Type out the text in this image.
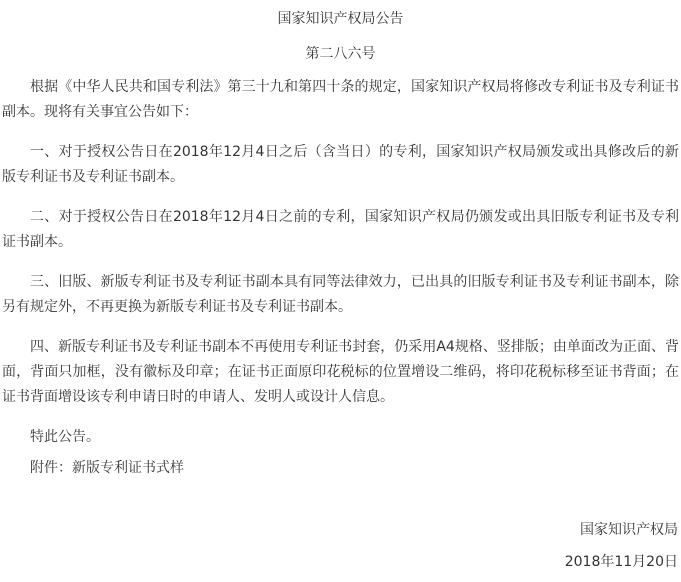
国家知识产权局公告
第二八六号

根据《中华人民共和国专利法》第三十九和第四十条的规定，国家知识产权局将修改专利证书及专利证书副本。现将有关事宜公告如下：

一、对于授权公告日在2018年12月4日之后（含当日）的专利，国家知识产权局颁发或出具修改后的新版专利证书及专利证书副本。

二、对于授权公告日在2018年12月4日之前的专利，国家知识产权局仍颁发或出具旧版专利证书及专利证书副本。

三、旧版、新版专利证书及专利证书副本具有同等法律效力，已出具的旧版专利证书及专利证书副本，除另有规定外，不再更换为新版专利证书及专利证书副本。

四、新版专利证书及专利证书副本不再使用专利证书封套，仍采用A4规格、竖排版；由单面改为正面、背面，背面只加框，没有徽标及印章；在证书正面原印花税标的位置增设二维码，将印花税标移至证书背面；在证书背面增设该专利申请日时的申请人、发明人或设计人信息。

特此公告。

附件：新版专利证书式样

国家知识产权局
2018年11月20日
